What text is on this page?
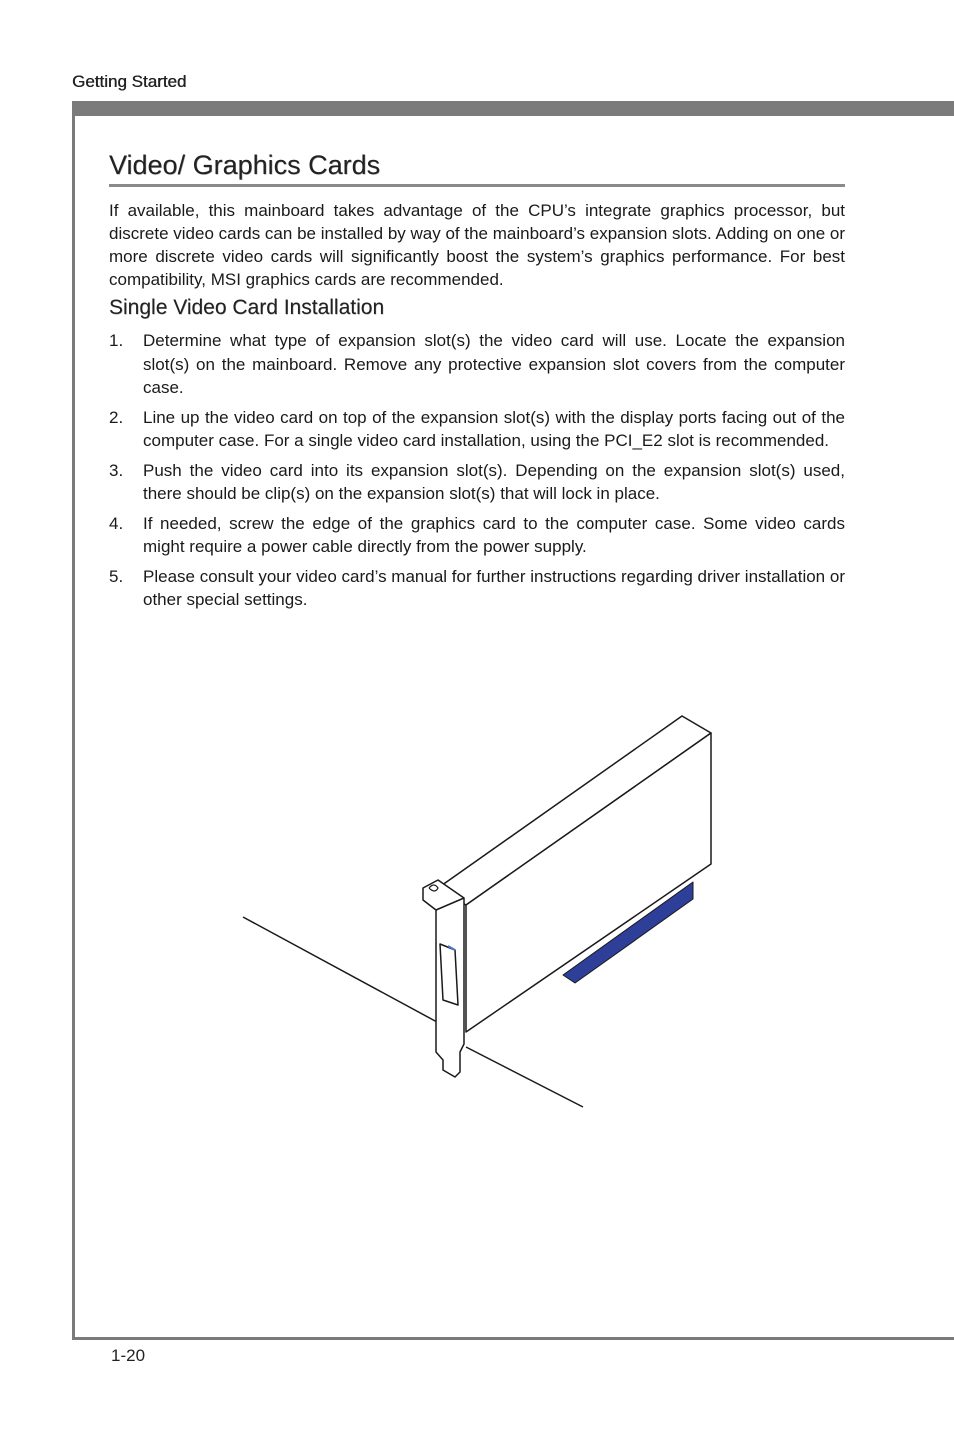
Getting Started
Video/ Graphics Cards

If available, this mainboard takes advantage of the CPU’s integrate graphics processor, but discrete video cards can be installed by way of the mainboard’s expansion slots. Adding on one or more discrete video cards will significantly boost the system’s graphics performance. For best compatibility, MSI graphics cards are recommended.

Single Video Card Installation
1. Determine what type of expansion slot(s) the video card will use. Locate the expansion slot(s) on the mainboard. Remove any protective expansion slot covers from the computer case.
2. Line up the video card on top of the expansion slot(s) with the display ports facing out of the computer case. For a single video card installation, using the PCI_E2 slot is recommended.
3. Push the video card into its expansion slot(s). Depending on the expansion slot(s) used, there should be clip(s) on the expansion slot(s) that will lock in place.
4. If needed, screw the edge of the graphics card to the computer case. Some video cards might require a power cable directly from the power supply.
5. Please consult your video card’s manual for further instructions regarding driver installation or other special settings.
1-20
